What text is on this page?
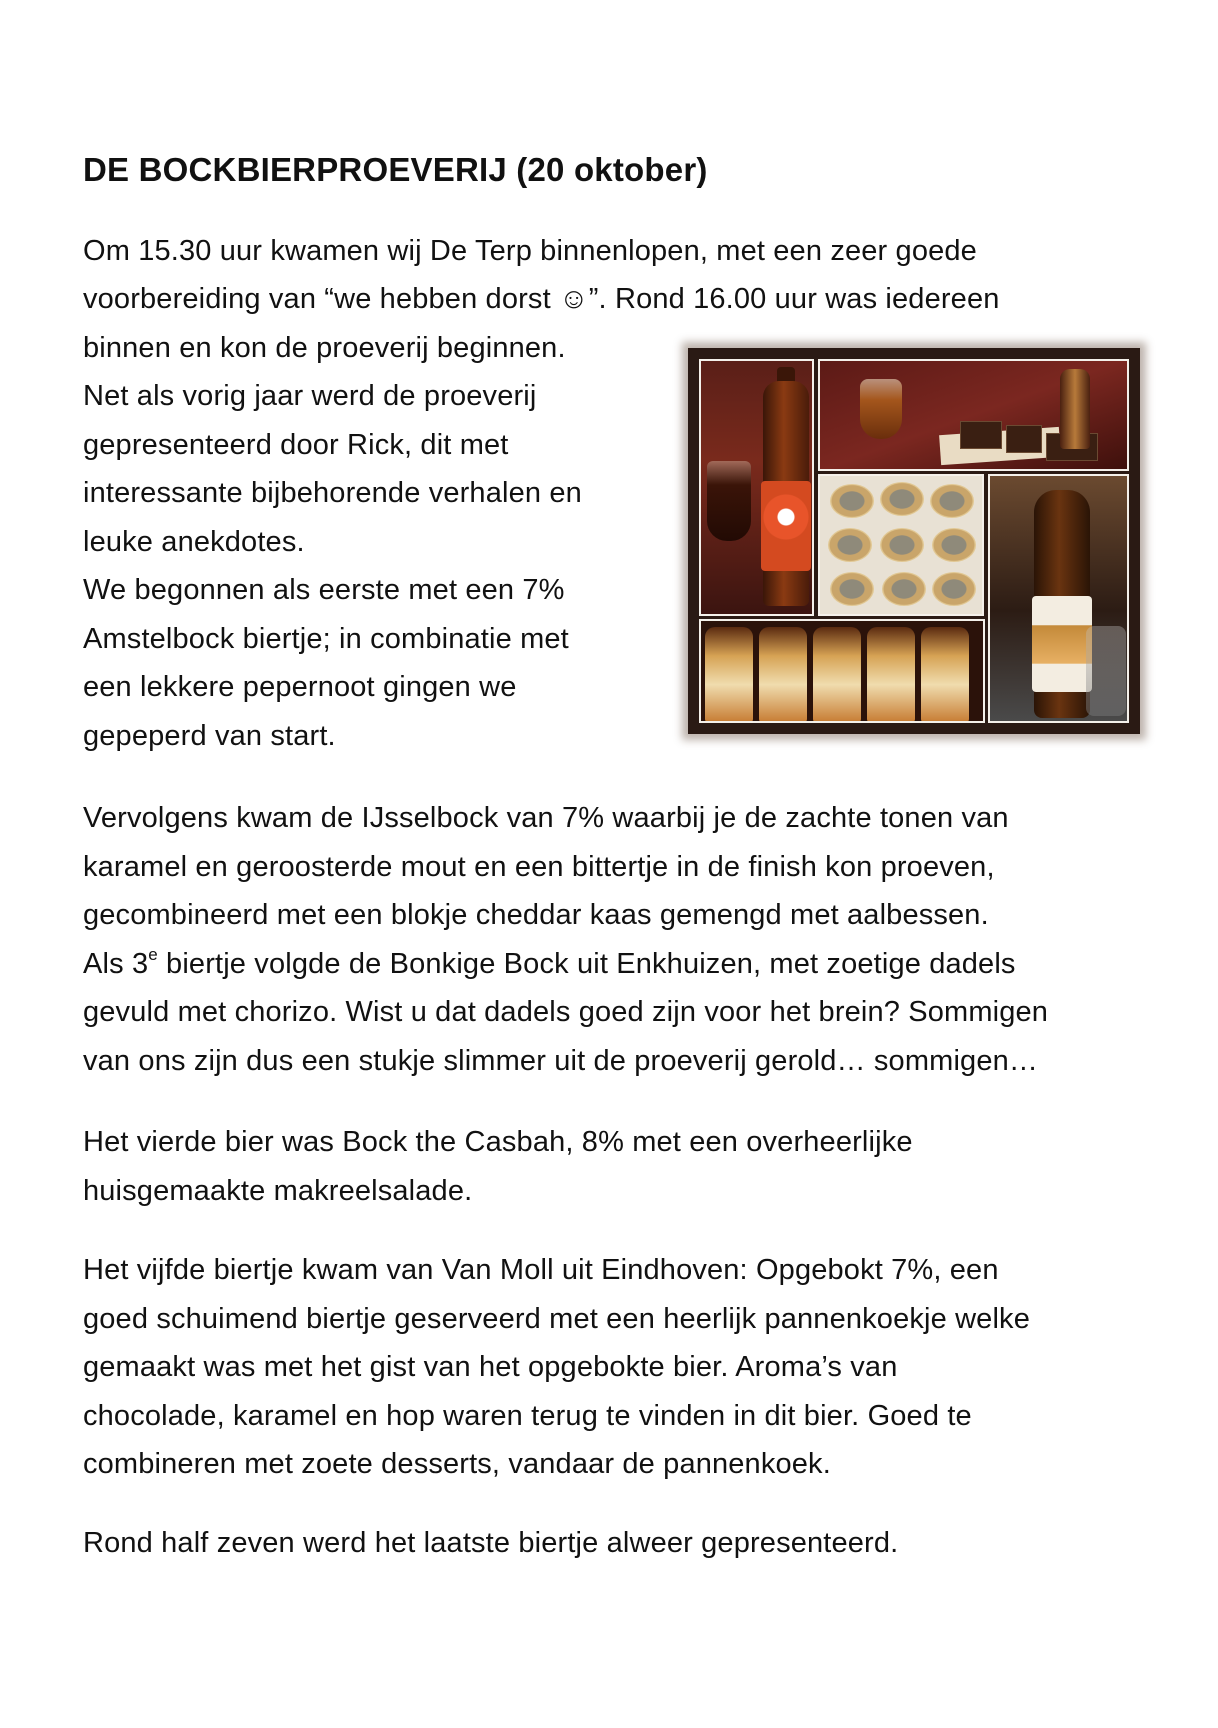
DE BOCKBIERPROEVERIJ (20 oktober)

Om 15.30 uur kwamen wij De Terp binnenlopen, met een zeer goede

voorbereiding van “we hebben dorst ☺”. Rond 16.00 uur was iedereen

binnen en kon de proeverij beginnen.

Net als vorig jaar werd de proeverij

gepresenteerd door Rick, dit met

interessante bijbehorende verhalen en

leuke anekdotes.

We begonnen als eerste met een 7%

Amstelbock biertje; in combinatie met

een lekkere pepernoot gingen we

gepeperd van start.

Vervolgens kwam de IJsselbock van 7% waarbij je de zachte tonen van

karamel en geroosterde mout en een bittertje in de finish kon proeven,

gecombineerd met een blokje cheddar kaas gemengd met aalbessen.

Als 3e biertje volgde de Bonkige Bock uit Enkhuizen, met zoetige dadels

gevuld met chorizo. Wist u dat dadels goed zijn voor het brein? Sommigen

van ons zijn dus een stukje slimmer uit de proeverij gerold… sommigen…

Het vierde bier was Bock the Casbah, 8% met een overheerlijke

huisgemaakte makreelsalade.

Het vijfde biertje kwam van Van Moll uit Eindhoven: Opgebokt 7%, een

goed schuimend biertje geserveerd met een heerlijk pannenkoekje welke

gemaakt was met het gist van het opgebokte bier. Aroma’s van

chocolade, karamel en hop waren terug te vinden in dit bier. Goed te

combineren met zoete desserts, vandaar de pannenkoek.

Rond half zeven werd het laatste biertje alweer gepresenteerd.
